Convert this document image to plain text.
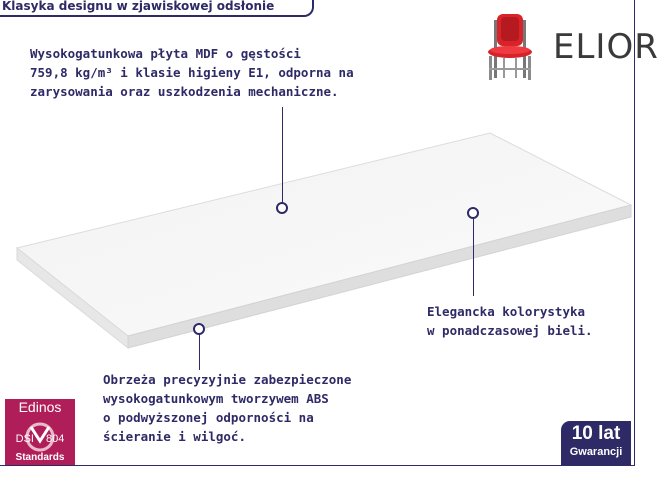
Klasyka designu w zjawiskowej odsłonie
Wysokogatunkowa płyta MDF o gęstości
759,8 kg/m³ i klasie higieny E1, odporna na
zarysowania oraz uszkodzenia mechaniczne.
Elegancka kolorystyka
w ponadczasowej bieli.
Obrzeża precyzyjnie zabezpieczone
wysokogatunkowym tworzywem ABS
o podwyższonej odporności na
ścieranie i wilgoć.
ELIOR
Edinos
DSI 804
Standards
10 lat
Gwarancji
